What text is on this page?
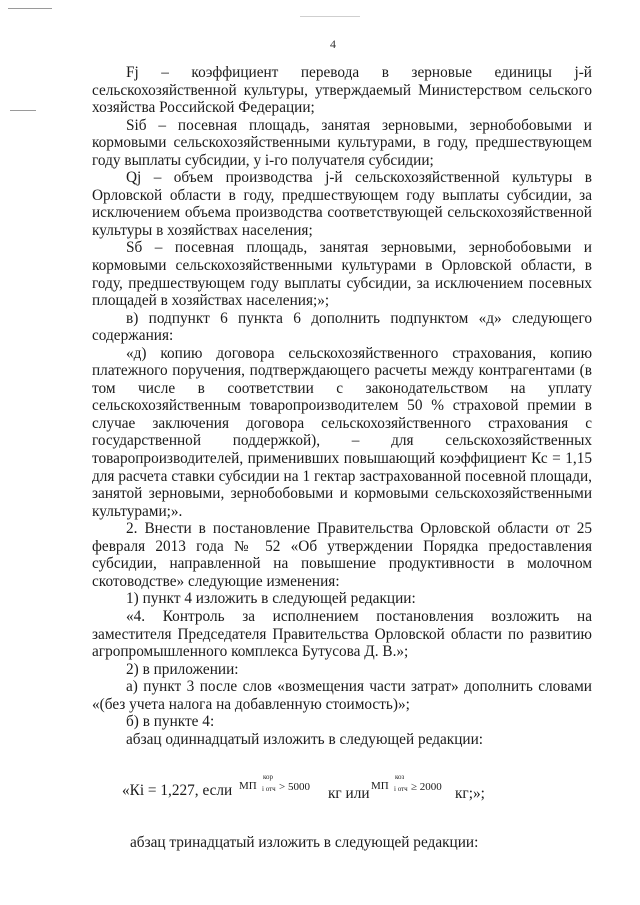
4

Fj – коэффициент перевода в зерновые единицы j-й сельскохозяйственной культуры, утверждаемый Министерством сельского хозяйства Российской Федерации;

Siб – посевная площадь, занятая зерновыми, зернобобовыми и кормовыми сельскохозяйственными культурами, в году, предшествующем году выплаты субсидии, у i-го получателя субсидии;

Qj – объем производства j-й сельскохозяйственной культуры в Орловской области в году, предшествующем году выплаты субсидии, за исключением объема производства соответствующей сельскохозяйственной культуры в хозяйствах населения;

Sб – посевная площадь, занятая зерновыми, зернобобовыми и кормовыми сельскохозяйственными культурами в Орловской области, в году, предшествующем году выплаты субсидии, за исключением посевных площадей в хозяйствах населения;»;

в) подпункт 6 пункта 6 дополнить подпунктом «д» следующего содержания:

«д) копию договора сельскохозяйственного страхования, копию платежного поручения, подтверждающего расчеты между контрагентами (в том числе в соответствии с законодательством на уплату сельскохозяйственным товаропроизводителем 50 % страховой премии в случае заключения договора сельскохозяйственного страхования с государственной поддержкой), – для сельскохозяйственных товаропроизводителей, применивших повышающий коэффициент Кс = 1,15 для расчета ставки субсидии на 1 гектар застрахованной посевной площади, занятой зерновыми, зернобобовыми и кормовыми сельскохозяйственными культурами;».

2. Внести в постановление Правительства Орловской области от 25 февраля 2013 года № 52 «Об утверждении Порядка предоставления субсидии, направленной на повышение продуктивности в молочном скотоводстве» следующие изменения:

1) пункт 4 изложить в следующей редакции:

«4. Контроль за исполнением постановления возложить на заместителя Председателя Правительства Орловской области по развитию агропромышленного комплекса Бутусова Д. В.»;

2) в приложении:

а) пункт 3 после слов «возмещения части затрат» дополнить словами «(без учета налога на добавленную стоимость)»;

б) в пункте 4:

абзац одиннадцатый изложить в следующей редакции:

«Кi = 1,227, если МП
кор
i отч > 5000 кг или МП
коз
i отч ≥ 2000 кг;»;

абзац тринадцатый изложить в следующей редакции:
